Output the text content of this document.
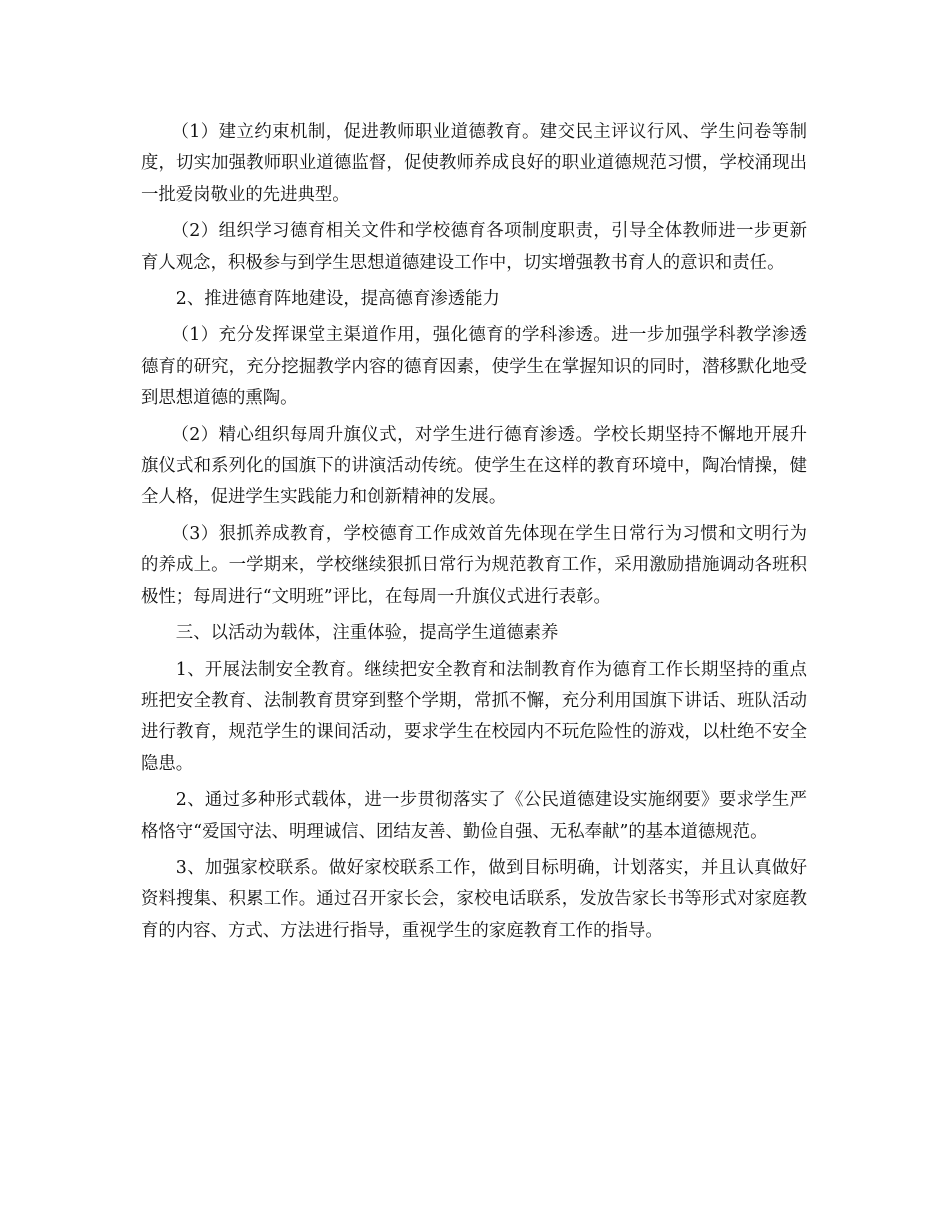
（1）建立约束机制，促进教师职业道德教育。建交民主评议行风、学生问卷等制度，切实加强教师职业道德监督，促使教师养成良好的职业道德规范习惯，学校涌现出一批爱岗敬业的先进典型。

（2）组织学习德育相关文件和学校德育各项制度职责，引导全体教师进一步更新育人观念，积极参与到学生思想道德建设工作中，切实增强教书育人的意识和责任。

2、推进德育阵地建设，提高德育渗透能力

（1）充分发挥课堂主渠道作用，强化德育的学科渗透。进一步加强学科教学渗透德育的研究，充分挖掘教学内容的德育因素，使学生在掌握知识的同时，潜移默化地受到思想道德的熏陶。

（2）精心组织每周升旗仪式，对学生进行德育渗透。学校长期坚持不懈地开展升旗仪式和系列化的国旗下的讲演活动传统。使学生在这样的教育环境中，陶冶情操，健全人格，促进学生实践能力和创新精神的发展。

（3）狠抓养成教育，学校德育工作成效首先体现在学生日常行为习惯和文明行为的养成上。一学期来，学校继续狠抓日常行为规范教育工作，采用激励措施调动各班积极性；每周进行“文明班”评比，在每周一升旗仪式进行表彰。

三、以活动为载体，注重体验，提高学生道德素养

1、开展法制安全教育。继续把安全教育和法制教育作为德育工作长期坚持的重点班把安全教育、法制教育贯穿到整个学期，常抓不懈，充分利用国旗下讲话、班队活动进行教育，规范学生的课间活动，要求学生在校园内不玩危险性的游戏，以杜绝不安全隐患。

2、通过多种形式载体，进一步贯彻落实了《公民道德建设实施纲要》要求学生严格恪守“爱国守法、明理诚信、团结友善、勤俭自强、无私奉献”的基本道德规范。

3、加强家校联系。做好家校联系工作，做到目标明确，计划落实，并且认真做好资料搜集、积累工作。通过召开家长会，家校电话联系，发放告家长书等形式对家庭教育的内容、方式、方法进行指导，重视学生的家庭教育工作的指导。
